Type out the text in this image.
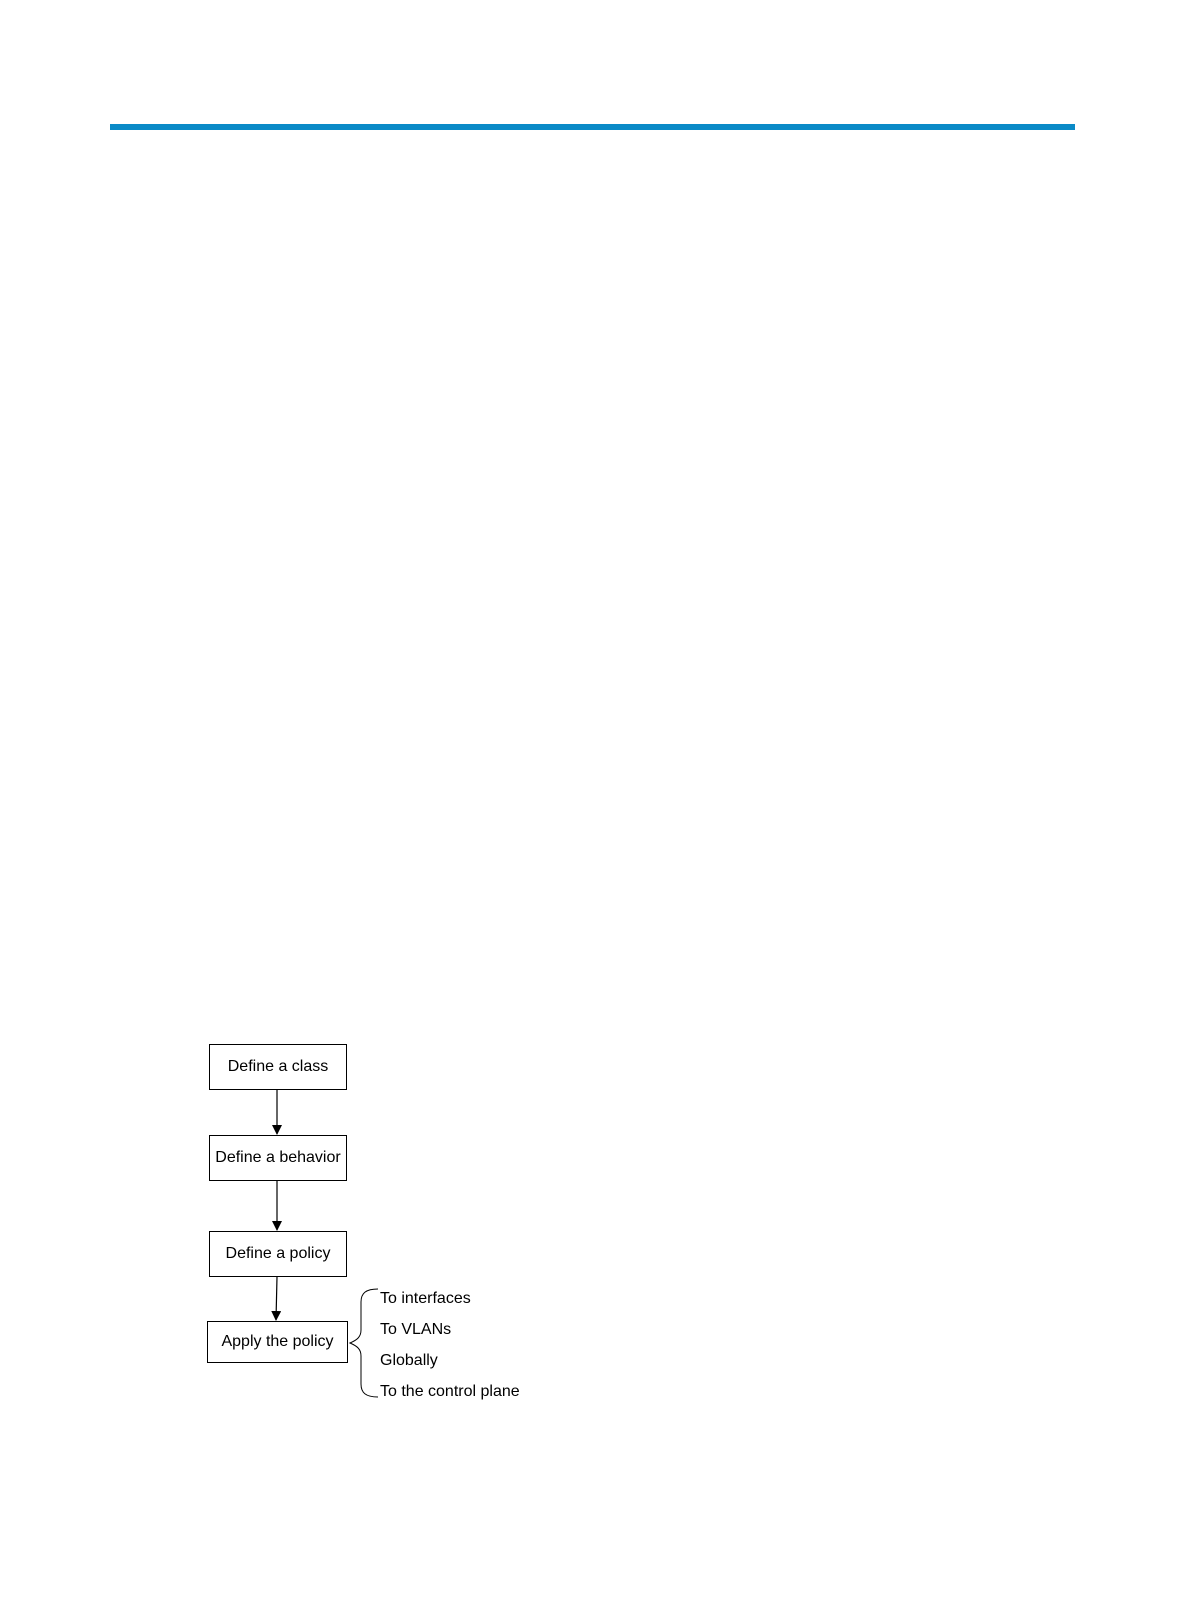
Define a class
Define a behavior
Define a policy
Apply the policy
To interfaces
To VLANs
Globally
To the control plane
